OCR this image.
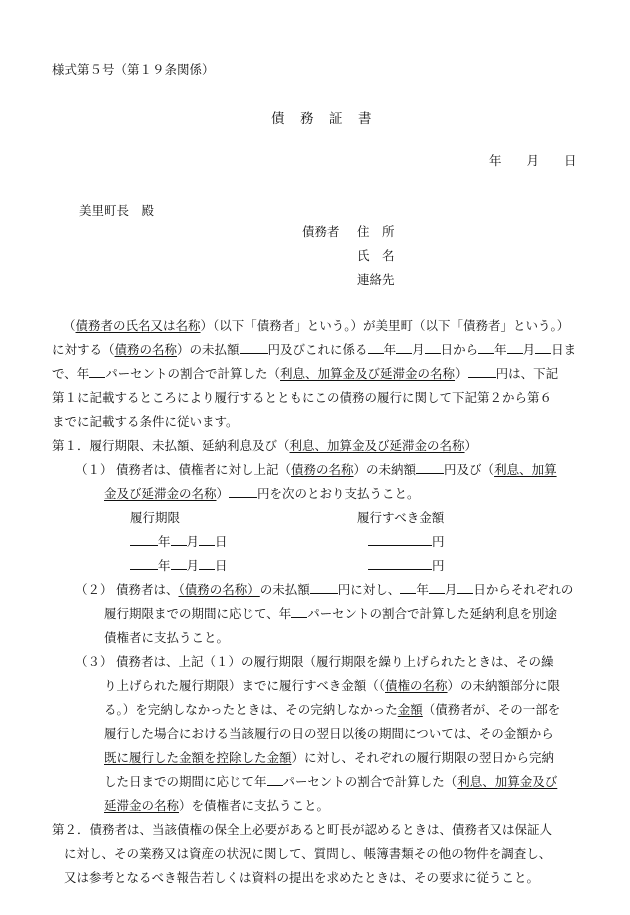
様式第５号（第１９条関係）
債　務　証　書
年　　月　　日
美里町長　殿
債務者 住　所
氏　名
連絡先
（債務者の氏名又は名称）（以下「債務者」という。）が美里町（以下「債務者」という。）
に対する（債務の名称）の未払額 円及びこれに係る 年 月 日から 年 月 日ま
で、年 パーセントの割合で計算した（利息、加算金及び延滞金の名称） 円は、下記
第１に記載するところにより履行するとともにこの債務の履行に関して下記第２から第６
までに記載する条件に従います。
第１．履行期限、未払額、延納利息及び（利息、加算金及び延滞金の名称）
（１） 債務者は、債権者に対し上記（債務の名称）の未納額 円及び（利息、加算
金及び延滞金の名称） 円を次のとおり支払うこと。
履行期限	履行すべき金額
年 月 日	円
年 月 日	円
（２） 債務者は、（債務の名称）の未払額 円に対し、 年 月 日からそれぞれの
履行期限までの期間に応じて、年 パーセントの割合で計算した延納利息を別途
債権者に支払うこと。
（３） 債務者は、上記（１）の履行期限（履行期限を繰り上げられたときは、その繰
り上げられた履行期限）までに履行すべき金額（（債権の名称）の未納額部分に限
る。）を完納しなかったときは、その完納しなかった金額（債務者が、その一部を
履行した場合における当該履行の日の翌日以後の期間については、その金額から
既に履行した金額を控除した金額）に対し、それぞれの履行期限の翌日から完納
した日までの期間に応じて年 パーセントの割合で計算した（利息、加算金及び
延滞金の名称）を債権者に支払うこと。
第２．債務者は、当該債権の保全上必要があると町長が認めるときは、債務者又は保証人
に対し、その業務又は資産の状況に関して、質問し、帳簿書類その他の物件を調査し、
又は参考となるべき報告若しくは資料の提出を求めたときは、その要求に従うこと。
